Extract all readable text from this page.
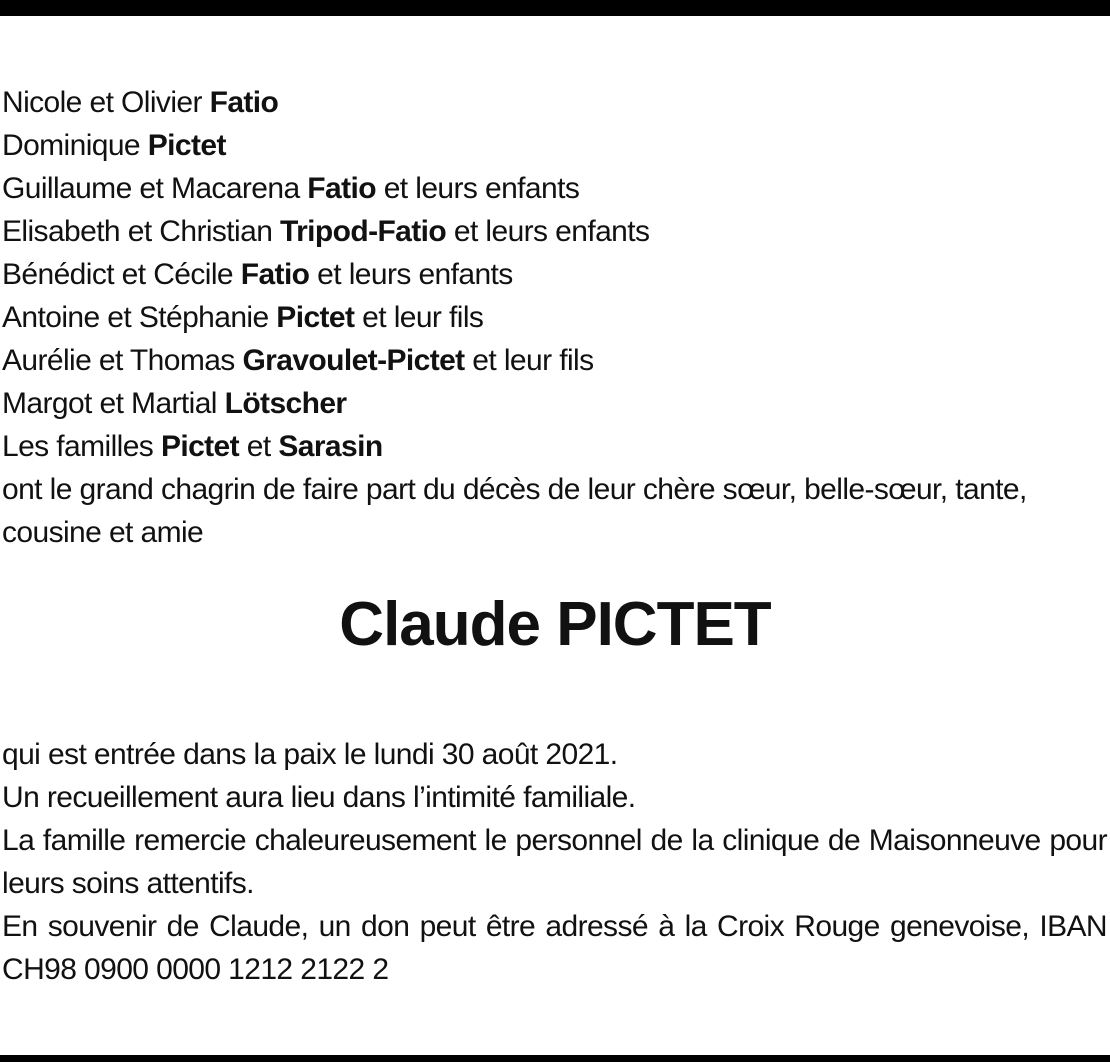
Nicole et Olivier Fatio
Dominique Pictet
Guillaume et Macarena Fatio et leurs enfants
Elisabeth et Christian Tripod-Fatio et leurs enfants
Bénédict et Cécile Fatio et leurs enfants
Antoine et Stéphanie Pictet et leur fils
Aurélie et Thomas Gravoulet-Pictet et leur fils
Margot et Martial Lötscher
Les familles Pictet et Sarasin

ont le grand chagrin de faire part du décès de leur chère sœur, belle-sœur, tante, cousine et amie

Claude PICTET

qui est entrée dans la paix le lundi 30 août 2021.

Un recueillement aura lieu dans l’intimité familiale.

La famille remercie chaleureusement le personnel de la clinique de Maisonneuve pour leurs soins attentifs.

En souvenir de Claude, un don peut être adressé à la Croix Rouge genevoise, IBAN CH98 0900 0000 1212 2122 2
